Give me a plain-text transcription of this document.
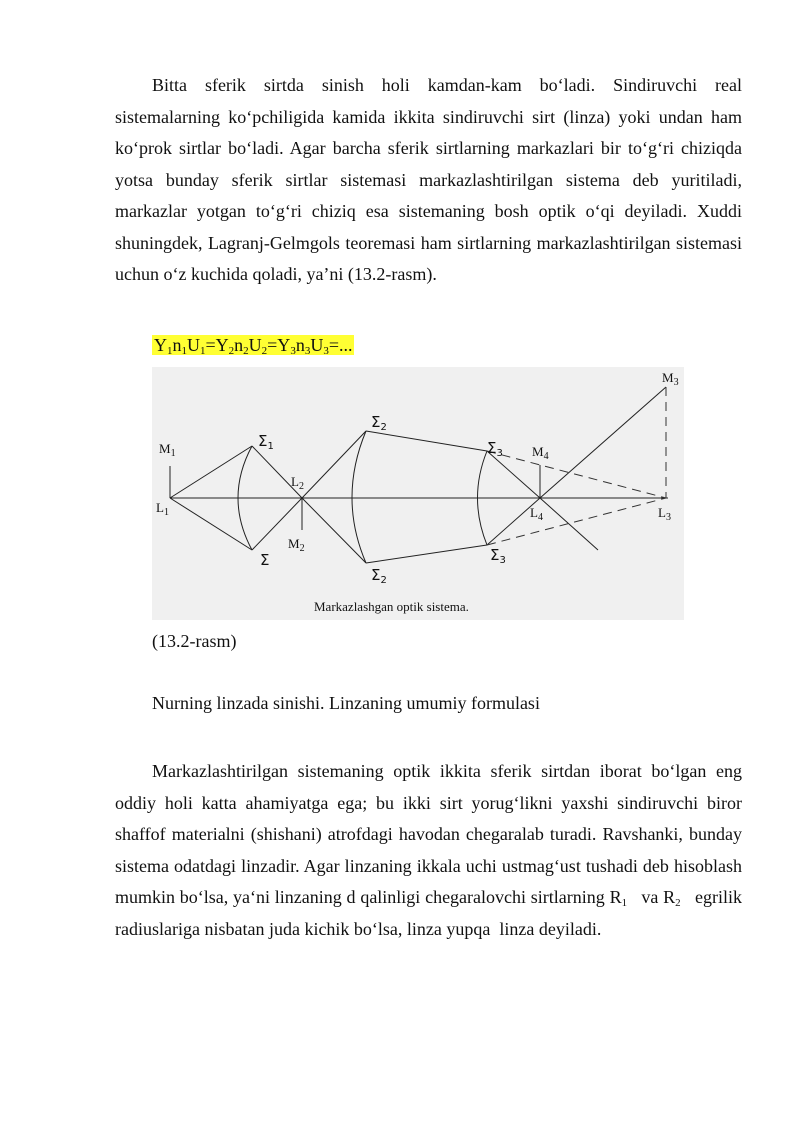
Bitta sferik sirtda sinish holi kamdan-kam bo‘ladi. Sindiruvchi real sistemalarning ko‘pchiligida kamida ikkita sindiruvchi sirt (linza) yoki undan ham ko‘prok sirtlar bo‘ladi. Agar barcha sferik sirtlarning markazlari bir to‘g‘ri chiziqda yotsa bunday sferik sirtlar sistemasi markazlashtirilgan sistema deb yuritiladi, markazlar yotgan to‘g‘ri chiziq esa sistemaning bosh optik o‘qi deyiladi. Xuddi shuningdek, Lagranj-Gelmgols teoremasi ham sirtlarning markazlashtirilgan sistemasi uchun o‘z kuchida qoladi, ya’ni (13.2-rasm).

$Y_1n_1U_1=Y_2n_2U_2=Y_3n_3U_3=$...

$M_1$
$L_1$
$\Sigma_1$
Σ
$L_2$
$M_2$
$\Sigma_2$
$\Sigma_2$
$\Sigma_3$
$\Sigma_3$
$M_4$
$L_4$
$M_3$
$L_3$
Markazlashgan optik sistema.

(13.2-rasm)

Nurning linzada sinishi. Linzaning umumiy formulasi

Markazlashtirilgan sistemaning optik ikkita sferik sirtdan iborat bo‘lgan eng oddiy holi katta ahamiyatga ega; bu ikki sirt yorug‘likni yaxshi sindiruvchi biror shaffof materialni (shishani) atrofdagi havodan chegaralab turadi. Ravshanki, bunday sistema odatdagi linzadir. Agar linzaning ikkala uchi ustmag‘ust tushadi deb hisoblash mumkin bo‘lsa, ya‘ni linzaning d qalinligi chegaralovchi sirtlarning $R_1$   va $R_2$   egrilik radiuslariga nisbatan juda kichik bo‘lsa, linza yupqa  linza deyiladi.
